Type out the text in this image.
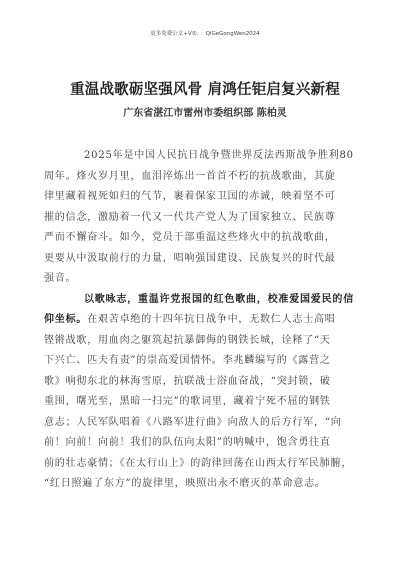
更多免费公文+V⑤. ：QiGeGongWen2024
重温战歌砺坚强风骨 肩鸿任钜启复兴新程
广东省湛江市雷州市委组织部 陈柏灵

2025年是中国人民抗日战争暨世界反法西斯战争胜利80
周年。烽火岁月里，血泪淬炼出一首首不朽的抗战歌曲，其旋
律里藏着视死如归的气节，裹着保家卫国的赤诚，映着坚不可
摧的信念，激励着一代又一代共产党人为了国家独立、民族尊
严而不懈奋斗。如今，党员干部重温这些烽火中的抗战歌曲，
更要从中汲取前行的力量，唱响强国建设、民族复兴的时代最
强音。

以歌咏志，重温许党报国的红色歌曲，校准爱国爱民的信
仰坐标。在艰苦卓绝的十四年抗日战争中，无数仁人志士高唱
铿锵战歌，用血肉之躯筑起抗暴御侮的钢铁长城，诠释了“天
下兴亡、匹夫有责”的崇高爱国情怀。李兆麟编写的《露营之
歌》响彻东北的林海雪原，抗联战士浴血奋战，“突封锁，破
重围，曙光至，黑暗一扫完”的歌词里，藏着宁死不屈的钢铁
意志；人民军队唱着《八路军进行曲》向敌人的后方行军，“向
前！向前！向前！我们的队伍向太阳”的呐喊中，饱含勇往直
前的壮志豪情；《在太行山上》的韵律回荡在山西太行军民肺腑，
“红日照遍了东方”的旋律里，映照出永不磨灭的革命意志。
